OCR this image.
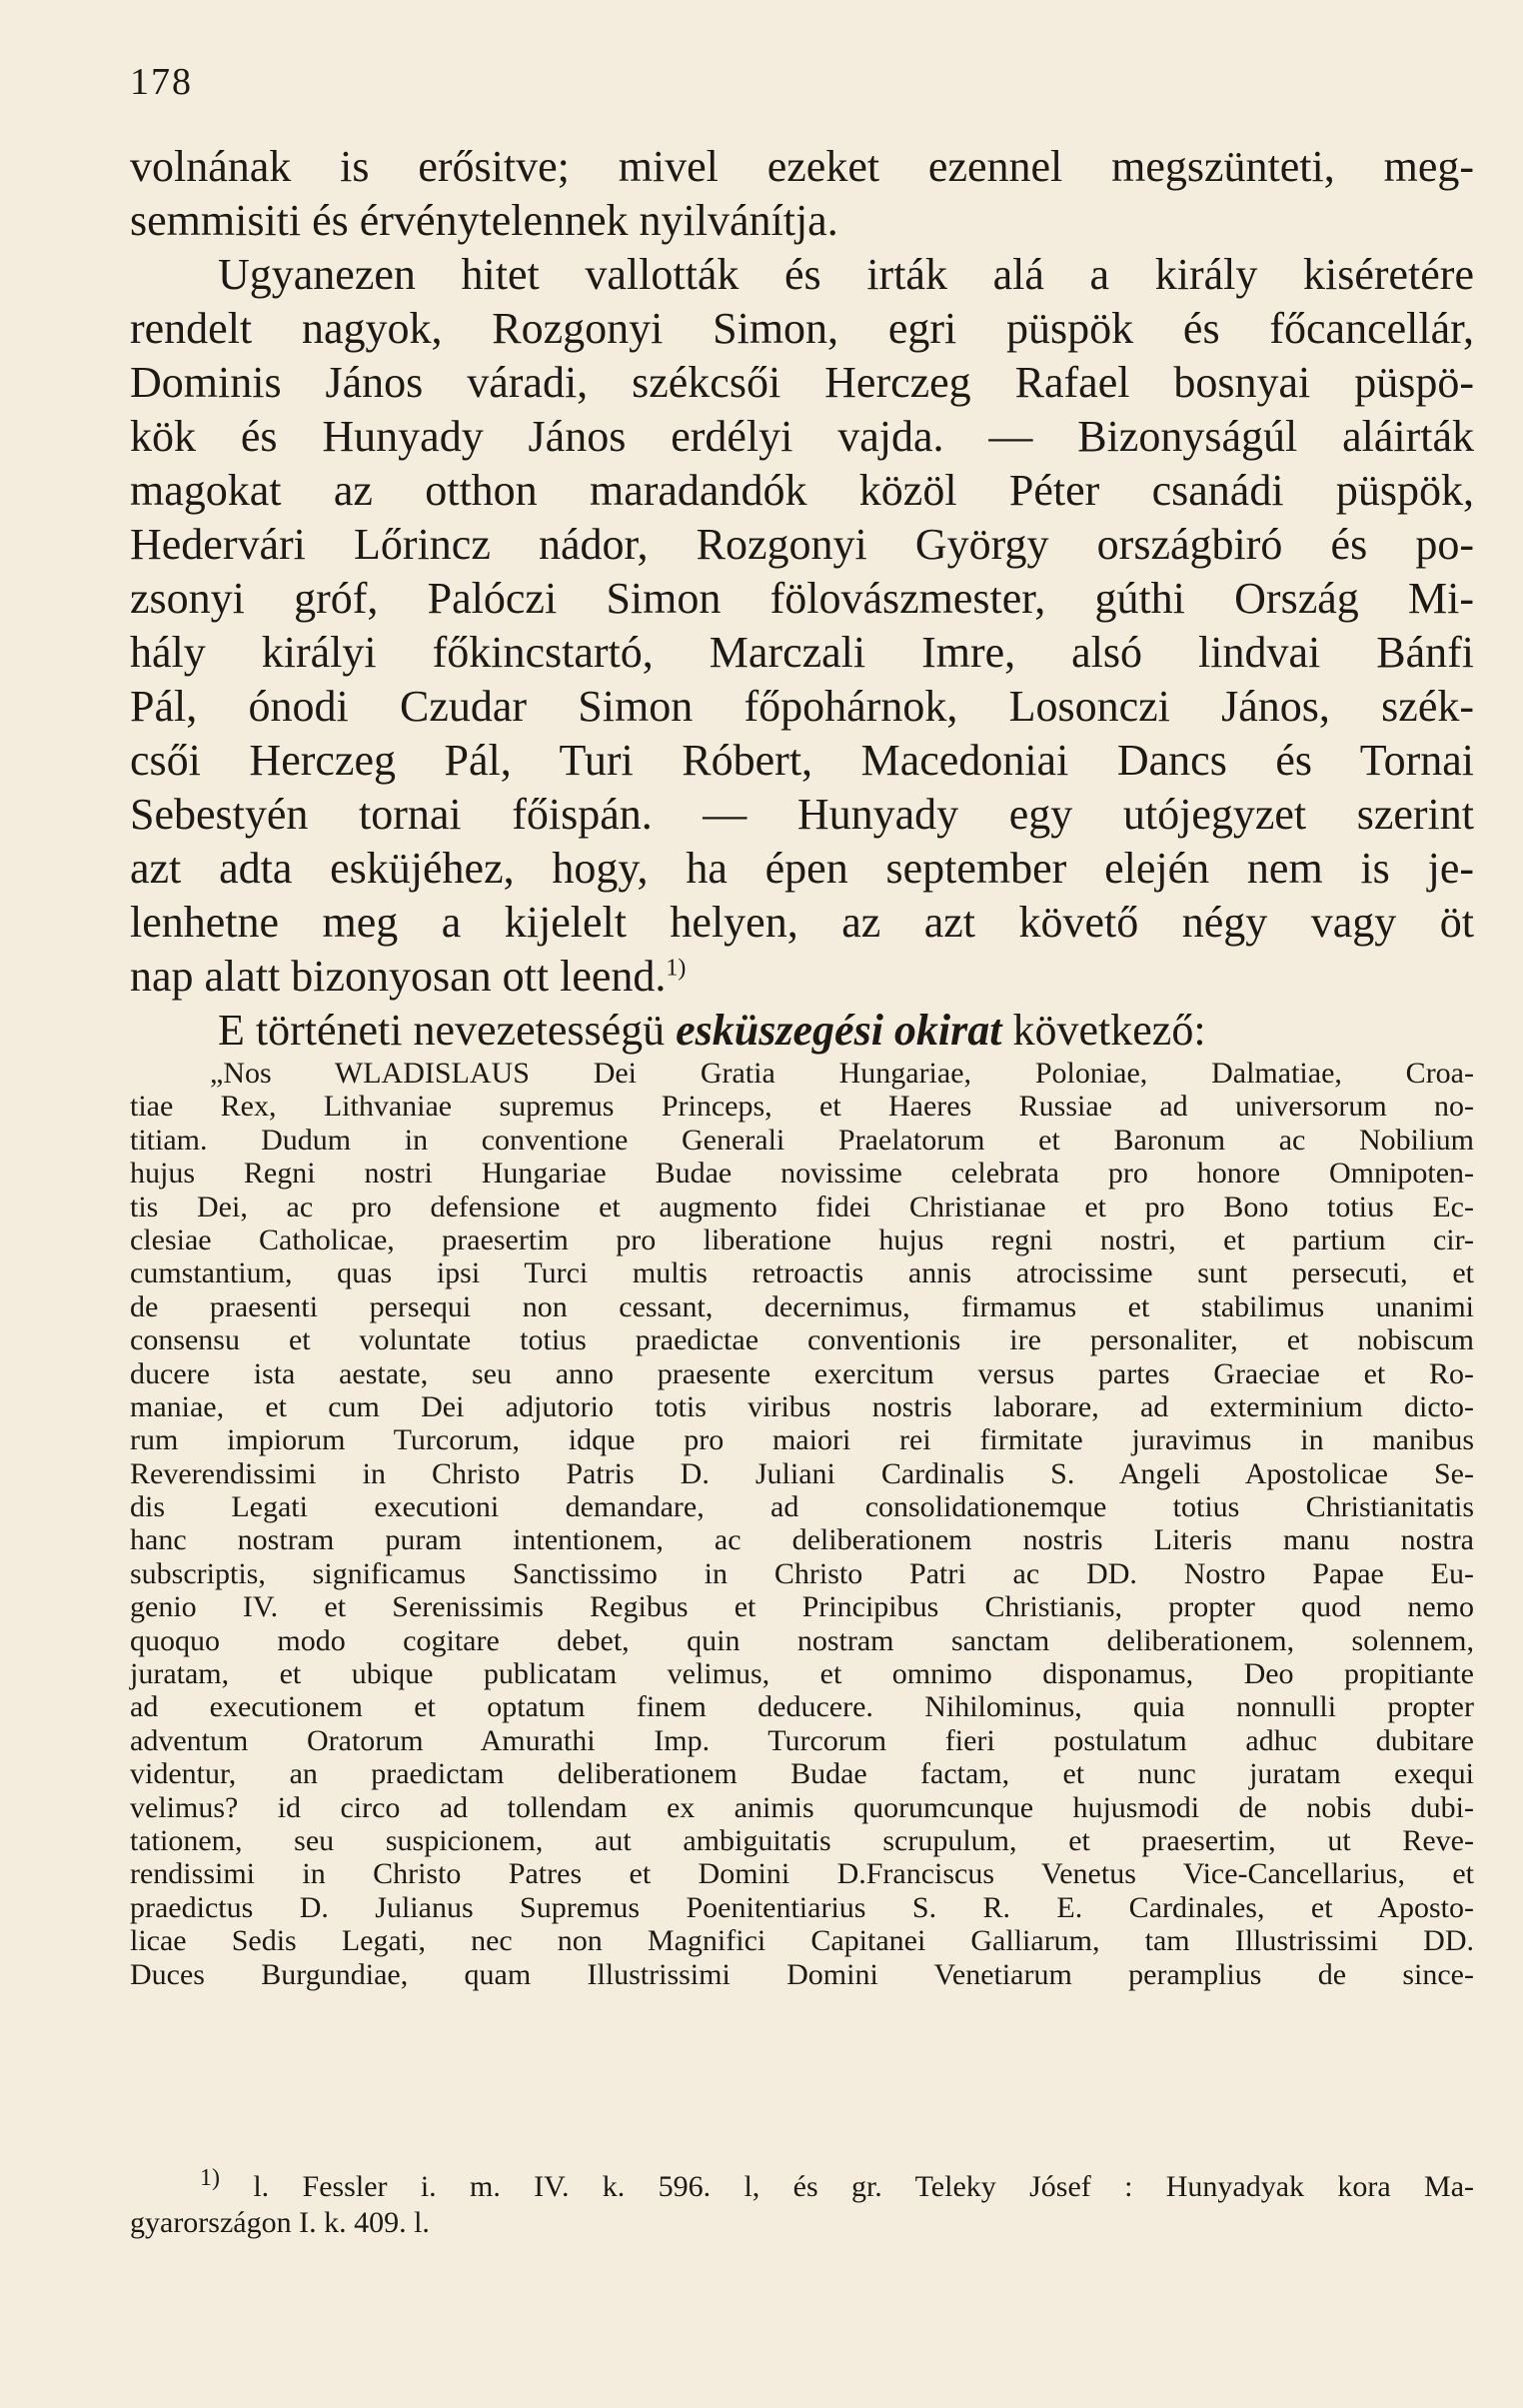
178
volnának is erősitve; mivel ezeket ezennel megszünteti, meg-
semmisiti és érvénytelennek nyilvánítja.
Ugyanezen hitet vallották és irták alá a király kiséretére
rendelt nagyok, Rozgonyi Simon, egri püspök és főcancellár,
Dominis János váradi, székcsői Herczeg Rafael bosnyai püspö-
kök és Hunyady János erdélyi vajda. — Bizonyságúl aláirták
magokat az otthon maradandók közöl Péter csanádi püspök,
Hedervári Lőrincz nádor, Rozgonyi György országbiró és po-
zsonyi gróf, Palóczi Simon fölovászmester, gúthi Ország Mi-
hály királyi főkincstartó, Marczali Imre, alsó lindvai Bánfi
Pál, ónodi Czudar Simon főpohárnok, Losonczi János, szék-
csői Herczeg Pál, Turi Róbert, Macedoniai Dancs és Tornai
Sebestyén tornai főispán. — Hunyady egy utójegyzet szerint
azt adta esküjéhez, hogy, ha épen september elején nem is je-
lenhetne meg a kijelelt helyen, az azt követő négy vagy öt
nap alatt bizonyosan ott leend.$^{1)}$
E történeti nevezetességü esküszegési okirat következő:
„Nos WLADISLAUS Dei Gratia Hungariae, Poloniae, Dalmatiae, Croa-
tiae Rex, Lithvaniae supremus Princeps, et Haeres Russiae ad universorum no-
titiam. Dudum in conventione Generali Praelatorum et Baronum ac Nobilium
hujus Regni nostri Hungariae Budae novissime celebrata pro honore Omnipoten-
tis Dei, ac pro defensione et augmento fidei Christianae et pro Bono totius Ec-
clesiae Catholicae, praesertim pro liberatione hujus regni nostri, et partium cir-
cumstantium, quas ipsi Turci multis retroactis annis atrocissime sunt persecuti, et
de praesenti persequi non cessant, decernimus, firmamus et stabilimus unanimi
consensu et voluntate totius praedictae conventionis ire personaliter, et nobiscum
ducere ista aestate, seu anno praesente exercitum versus partes Graeciae et Ro-
maniae, et cum Dei adjutorio totis viribus nostris laborare, ad exterminium dicto-
rum impiorum Turcorum, idque pro maiori rei firmitate juravimus in manibus
Reverendissimi in Christo Patris D. Juliani Cardinalis S. Angeli Apostolicae Se-
dis Legati executioni demandare, ad consolidationemque totius Christianitatis
hanc nostram puram intentionem, ac deliberationem nostris Literis manu nostra
subscriptis, significamus Sanctissimo in Christo Patri ac DD. Nostro Papae Eu-
genio IV. et Serenissimis Regibus et Principibus Christianis, propter quod nemo
quoquo modo cogitare debet, quin nostram sanctam deliberationem, solennem,
juratam, et ubique publicatam velimus, et omnimo disponamus, Deo propitiante
ad executionem et optatum finem deducere. Nihilominus, quia nonnulli propter
adventum Oratorum Amurathi Imp. Turcorum fieri postulatum adhuc dubitare
videntur, an praedictam deliberationem Budae factam, et nunc juratam exequi
velimus? id circo ad tollendam ex animis quorumcunque hujusmodi de nobis dubi-
tationem, seu suspicionem, aut ambiguitatis scrupulum, et praesertim, ut Reve-
rendissimi in Christo Patres et Domini D.Franciscus Venetus Vice-Cancellarius, et
praedictus D. Julianus Supremus Poenitentiarius S. R. E. Cardinales, et Aposto-
licae Sedis Legati, nec non Magnifici Capitanei Galliarum, tam Illustrissimi DD.
Duces Burgundiae, quam Illustrissimi Domini Venetiarum peramplius de since-
$^{1)}$ l. Fessler i. m. IV. k. 596. l, és gr. Teleky Jósef : Hunyadyak kora Ma-
gyarországon I. k. 409. l.
